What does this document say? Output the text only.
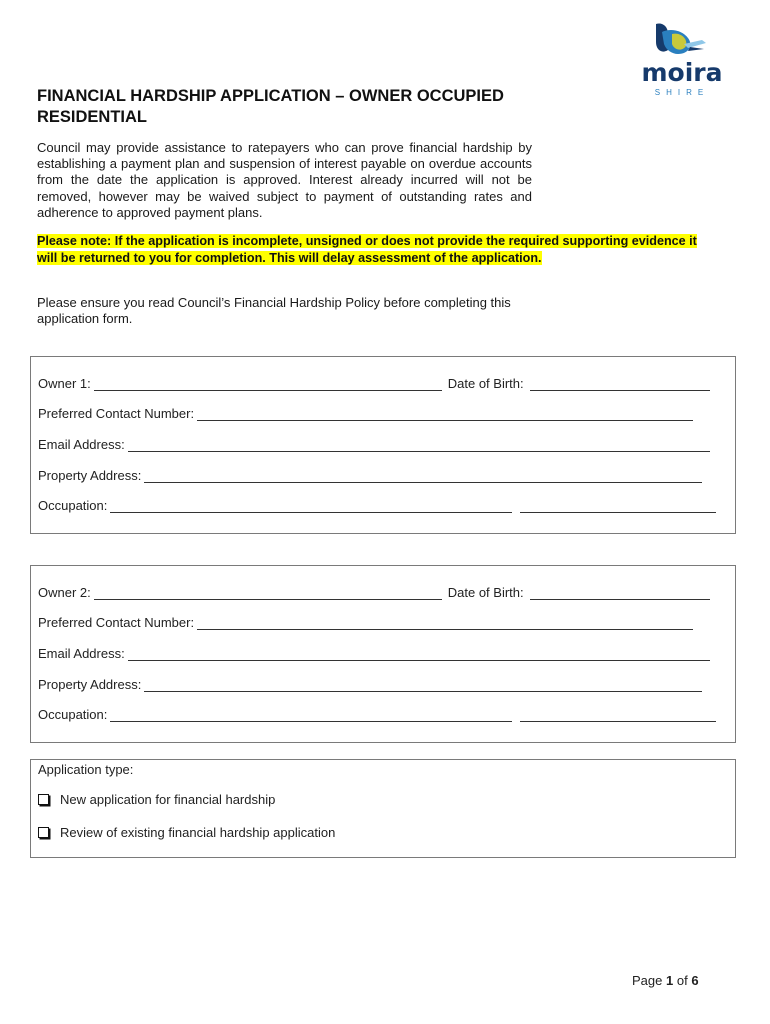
moira
SHIRE
FINANCIAL HARDSHIP APPLICATION – OWNER OCCUPIED RESIDENTIAL
Council may provide assistance to ratepayers who can prove financial hardship by establishing a payment plan and suspension of interest payable on overdue accounts from the date the application is approved. Interest already incurred will not be removed, however may be waived subject to payment of outstanding rates and adherence to approved payment plans.
Please note: If the application is incomplete, unsigned or does not provide the required supporting evidence it will be returned to you for completion. This will delay assessment of the application.
Please ensure you read Council’s Financial Hardship Policy before completing this application form.
Owner 1:	Date of Birth:
Preferred Contact Number:
Email Address:
Property Address:
Occupation:
Owner 2:	Date of Birth:
Preferred Contact Number:
Email Address:
Property Address:
Occupation:
Application type:
New application for financial hardship
Review of existing financial hardship application
Page 1 of 6
